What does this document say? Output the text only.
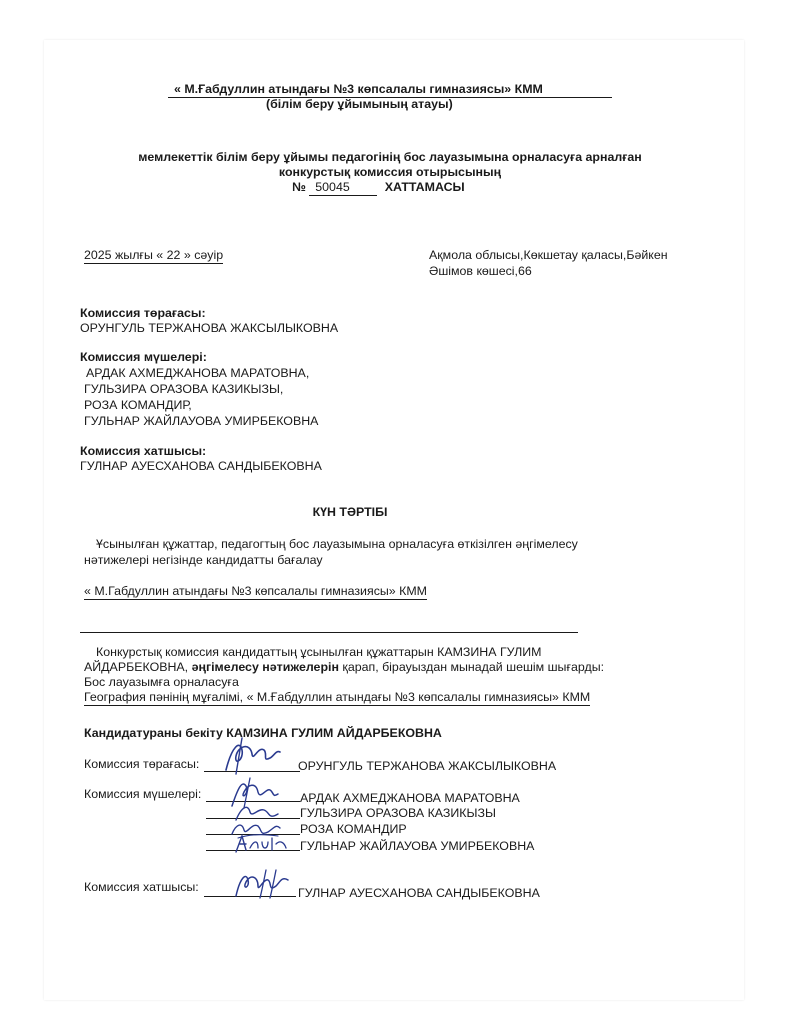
« М.Ғабдуллин атындағы №3 көпсалалы гимназиясы» КММ
(білім беру ұйымының атауы)
мемлекеттік білім беру ұйымы педагогінің бос лауазымына орналасуға арналған
конкурстық комиссия отырысының
№ 50045	ХАТТАМАСЫ
2025 жылғы « 22 » сәуір	Ақмола облысы,Көкшетау қаласы,Бәйкен
Әшімов көшесі,66
Комиссия төрағасы:
ОРУНГУЛЬ ТЕРЖАНОВА ЖАКСЫЛЫКОВНА
Комиссия мүшелері:
АРДАК АХМЕДЖАНОВА МАРАТОВНА,
ГУЛЬЗИРА ОРАЗОВА КАЗИКЫЗЫ,
РОЗА КОМАНДИР,
ГУЛЬНАР ЖАЙЛАУОВА УМИРБЕКОВНА
Комиссия хатшысы:
ГУЛНАР АУЕСХАНОВА САНДЫБЕКОВНА
КҮН ТӘРТІБІ
Ұсынылған құжаттар, педагогтың бос лауазымына орналасуға өткізілген әңгімелесу
нәтижелері негізінде кандидатты бағалау
« М.Габдуллин атындағы №3 көпсалалы гимназиясы» КММ
Конкурстық комиссия кандидаттың ұсынылған құжаттарын КАМЗИНА ГУЛИМ
АЙДАРБЕКОВНА, әңгімелесу нәтижелерін қарап, бірауыздан мынадай шешім шығарды:
Бос лауазымға орналасуға
География пәнінің мұғалімі, « М.Ғабдуллин атындағы №3 көпсалалы гимназиясы» КММ
Кандидатураны бекіту КАМЗИНА ГУЛИМ АЙДАРБЕКОВНА
Комиссия төрағасы:	ОРУНГУЛЬ ТЕРЖАНОВА ЖАКСЫЛЫКОВНА
Комиссия мүшелері:	АРДАК АХМЕДЖАНОВА МАРАТОВНА
ГУЛЬЗИРА ОРАЗОВА КАЗИКЫЗЫ
РОЗА КОМАНДИР
ГУЛЬНАР ЖАЙЛАУОВА УМИРБЕКОВНА
Комиссия хатшысы:	ГУЛНАР АУЕСХАНОВА САНДЫБЕКОВНА
